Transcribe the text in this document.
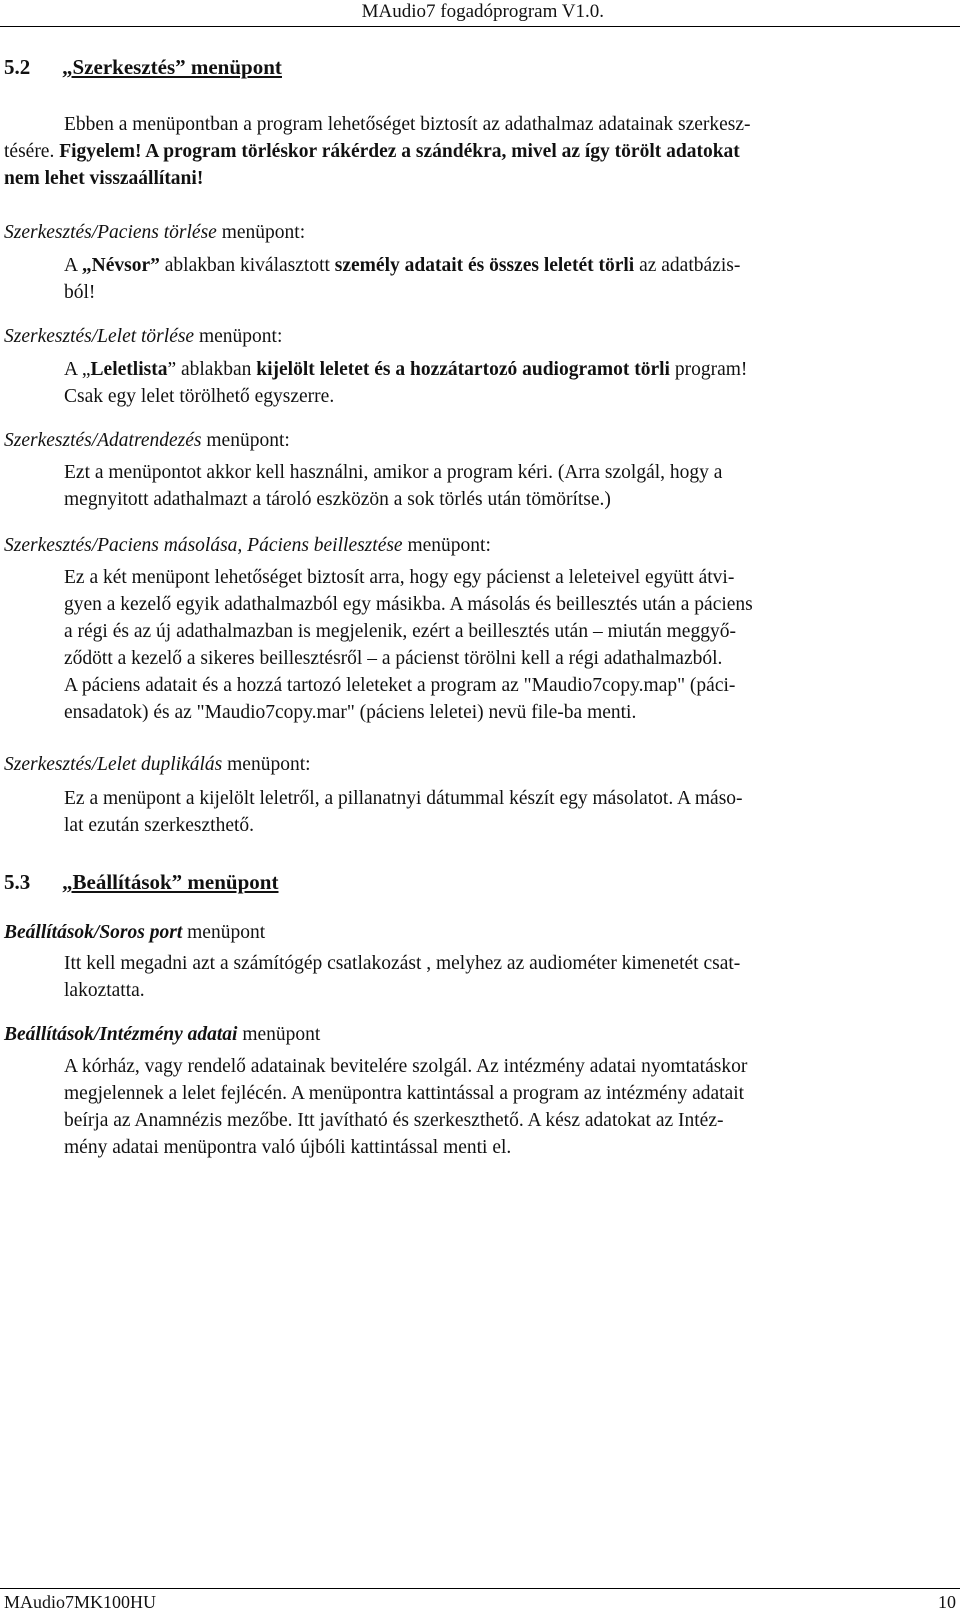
MAudio7 fogadóprogram V1.0.
5.2 „Szerkesztés” menüpont
Ebben a menüpontban a program lehetőséget biztosít az adathalmaz adatainak szerkesz-
tésére. Figyelem! A program törléskor rákérdez a szándékra, mivel az így törölt adatokat
nem lehet visszaállítani!
Szerkesztés/Paciens törlése menüpont:
A „Névsor” ablakban kiválasztott személy adatait és összes leletét törli az adatbázis-
ból!
Szerkesztés/Lelet törlése menüpont:
A „Leletlista” ablakban kijelölt leletet és a hozzátartozó audiogramot törli program!
Csak egy lelet törölhető egyszerre.
Szerkesztés/Adatrendezés menüpont:
Ezt a menüpontot akkor kell használni, amikor a program kéri. (Arra szolgál, hogy a
megnyitott adathalmazt a tároló eszközön a sok törlés után tömörítse.)
Szerkesztés/Paciens másolása, Páciens beillesztése menüpont:
Ez a két menüpont lehetőséget biztosít arra, hogy egy pácienst a leleteivel együtt átvi-
gyen a kezelő egyik adathalmazból egy másikba. A másolás és beillesztés után a páciens
a régi és az új adathalmazban is megjelenik, ezért a beillesztés után – miután meggyő-
ződött a kezelő a sikeres beillesztésről – a pácienst törölni kell a régi adathalmazból.
A páciens adatait és a hozzá tartozó leleteket a program az "Maudio7copy.map" (páci-
ensadatok) és az "Maudio7copy.mar" (páciens leletei) nevü file-ba menti.
Szerkesztés/Lelet duplikálás menüpont:
Ez a menüpont a kijelölt leletről, a pillanatnyi dátummal készít egy másolatot. A máso-
lat ezután szerkeszthető.
5.3 „Beállítások” menüpont
Beállítások/Soros port menüpont
Itt kell megadni azt a számítógép csatlakozást , melyhez az audiométer kimenetét csat-
lakoztatta.
Beállítások/Intézmény adatai menüpont
A kórház, vagy rendelő adatainak bevitelére szolgál. Az intézmény adatai nyomtatáskor
megjelennek a lelet fejlécén. A menüpontra kattintással a program az intézmény adatait
beírja az Anamnézis mezőbe. Itt javítható és szerkeszthető. A kész adatokat az Intéz-
mény adatai menüpontra való újbóli kattintással menti el.
MAudio7MK100HU	10
